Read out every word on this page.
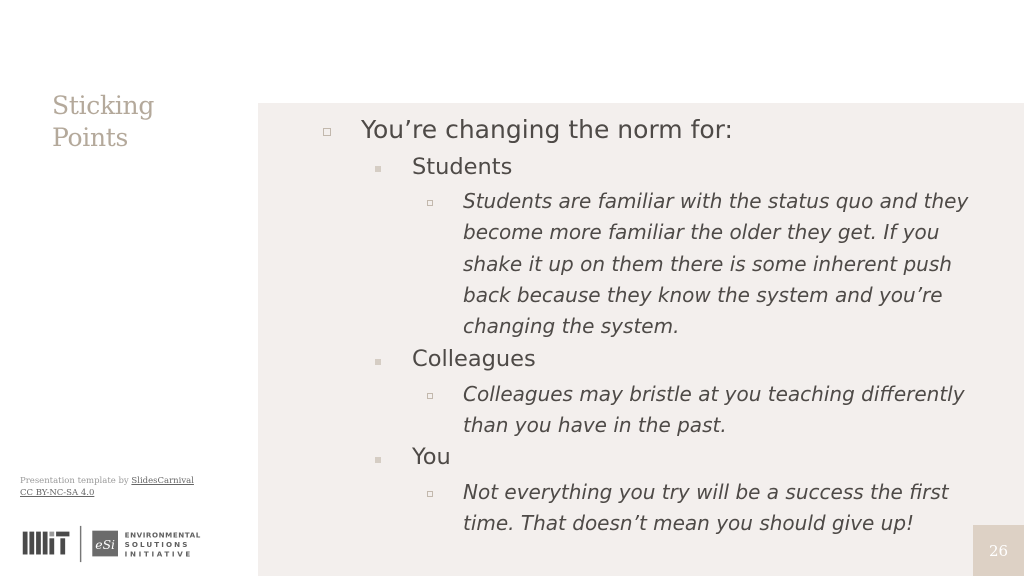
Sticking
Points	You’re changing the norm for:
Students
Students are familiar with the status quo and they
become more familiar the older they get. If you
shake it up on them there is some inherent push
back because they know the system and you’re
changing the system.
Colleagues
Colleagues may bristle at you teaching differently
than you have in the past.
You
Not everything you try will be a success the first
time. That doesn’t mean you should give up!
Presentation template by SlidesCarnival
CC BY-NC-SA 4.0
eSi
ENVIRONMENTAL
SOLUTIONS
INITIATIVE	26
